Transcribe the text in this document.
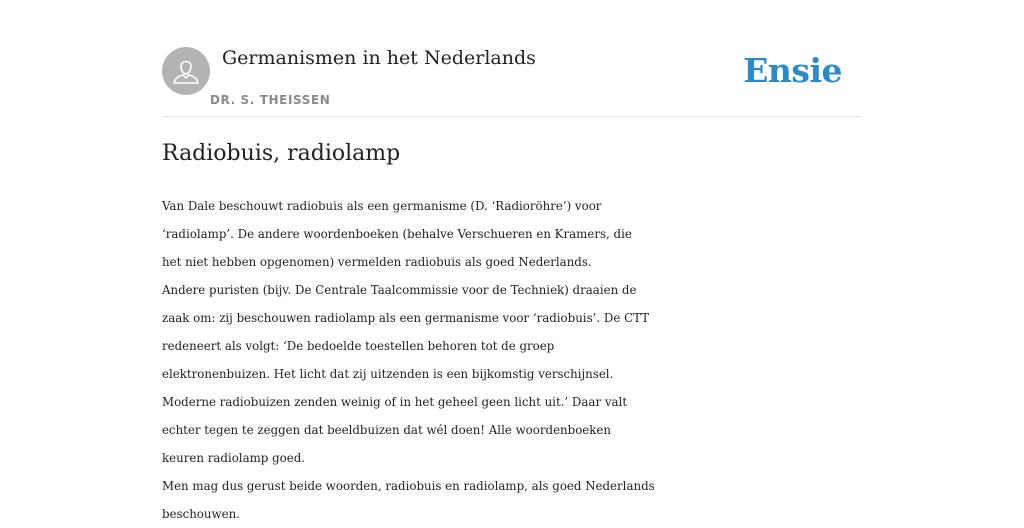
Germanismen in het Nederlands
DR. S. THEISSEN
Ensie
Radiobuis, radiolamp
Van Dale beschouwt radiobuis als een germanisme (D. ‘Radioröhre’) voor
‘radiolamp’. De andere woordenboeken (behalve Verschueren en Kramers, die
het niet hebben opgenomen) vermelden radiobuis als goed Nederlands.
Andere puristen (bijv. De Centrale Taalcommissie voor de Techniek) draaien de
zaak om: zij beschouwen radiolamp als een germanisme voor ‘radiobuis’. De CTT
redeneert als volgt: ‘De bedoelde toestellen behoren tot de groep
elektronenbuizen. Het licht dat zij uitzenden is een bijkomstig verschijnsel.
Moderne radiobuizen zenden weinig of in het geheel geen licht uit.’ Daar valt
echter tegen te zeggen dat beeldbuizen dat wél doen! Alle woordenboeken
keuren radiolamp goed.
Men mag dus gerust beide woorden, radiobuis en radiolamp, als goed Nederlands
beschouwen.
